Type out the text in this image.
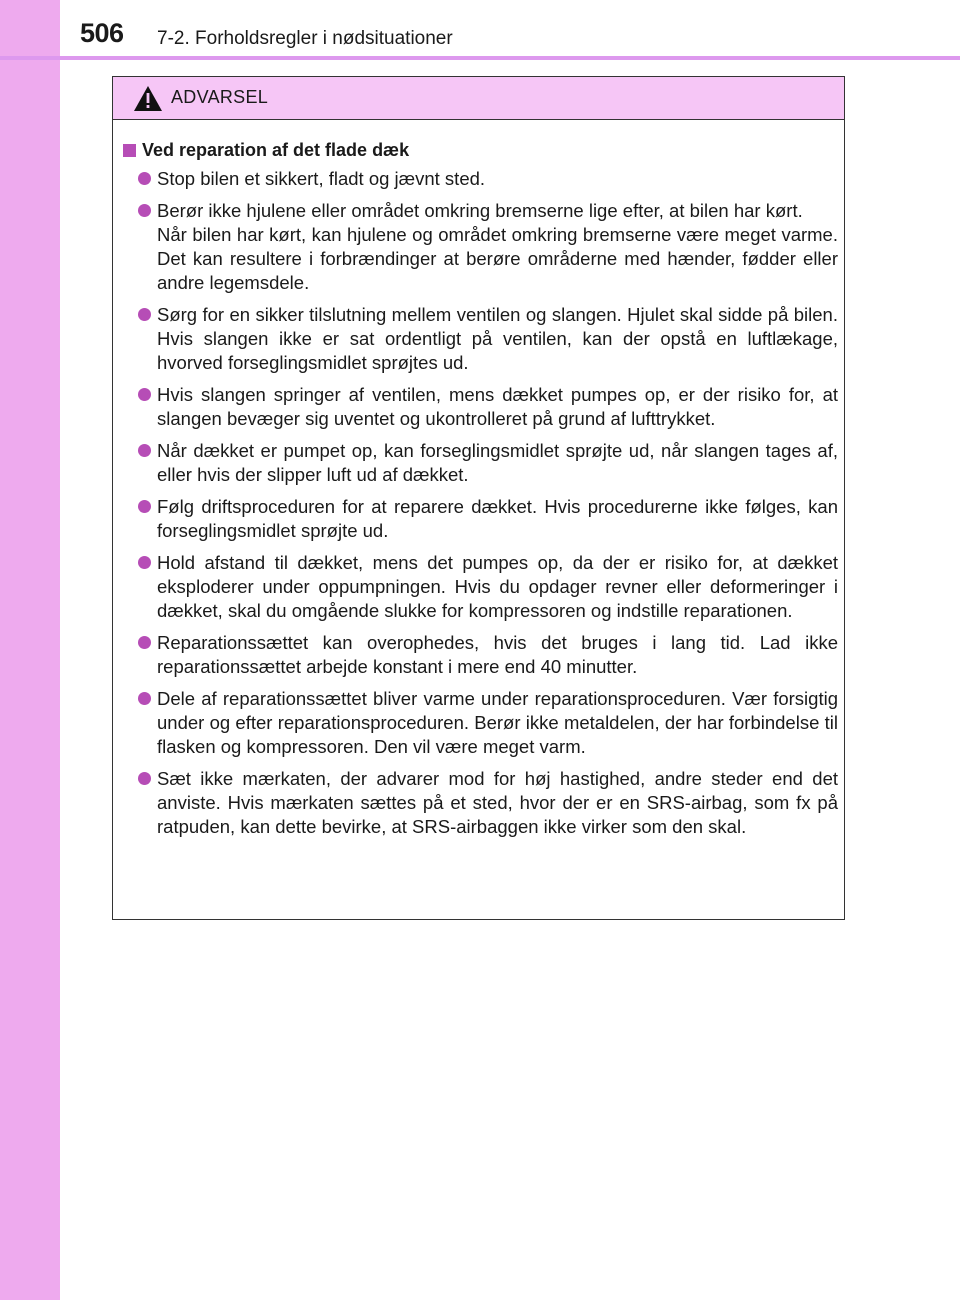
506 7-2. Forholdsregler i nødsituationer
ADVARSEL
Ved reparation af det flade dæk
Stop bilen et sikkert, fladt og jævnt sted.
Berør ikke hjulene eller området omkring bremserne lige efter, at bilen har kørt.
Når bilen har kørt, kan hjulene og området omkring bremserne være meget varme. Det kan resultere i forbrændinger at berøre områderne med hænder, fødder eller andre legemsdele.
Sørg for en sikker tilslutning mellem ventilen og slangen. Hjulet skal sidde på bilen. Hvis slangen ikke er sat ordentligt på ventilen, kan der opstå en luftlækage, hvorved forseglingsmidlet sprøjtes ud.
Hvis slangen springer af ventilen, mens dækket pumpes op, er der risiko for, at slangen bevæger sig uventet og ukontrolleret på grund af lufttrykket.
Når dækket er pumpet op, kan forseglingsmidlet sprøjte ud, når slangen tages af, eller hvis der slipper luft ud af dækket.
Følg driftsproceduren for at reparere dækket. Hvis procedurerne ikke følges, kan forseglingsmidlet sprøjte ud.
Hold afstand til dækket, mens det pumpes op, da der er risiko for, at dækket eksploderer under oppumpningen. Hvis du opdager revner eller deformeringer i dækket, skal du omgående slukke for kompressoren og indstille reparationen.
Reparationssættet kan overophedes, hvis det bruges i lang tid. Lad ikke reparationssættet arbejde konstant i mere end 40 minutter.
Dele af reparationssættet bliver varme under reparationsproceduren. Vær forsigtig under og efter reparationsproceduren. Berør ikke metaldelen, der har forbindelse til flasken og kompressoren. Den vil være meget varm.
Sæt ikke mærkaten, der advarer mod for høj hastighed, andre steder end det anviste. Hvis mærkaten sættes på et sted, hvor der er en SRS-airbag, som fx på ratpuden, kan dette bevirke, at SRS-airbaggen ikke virker som den skal.
